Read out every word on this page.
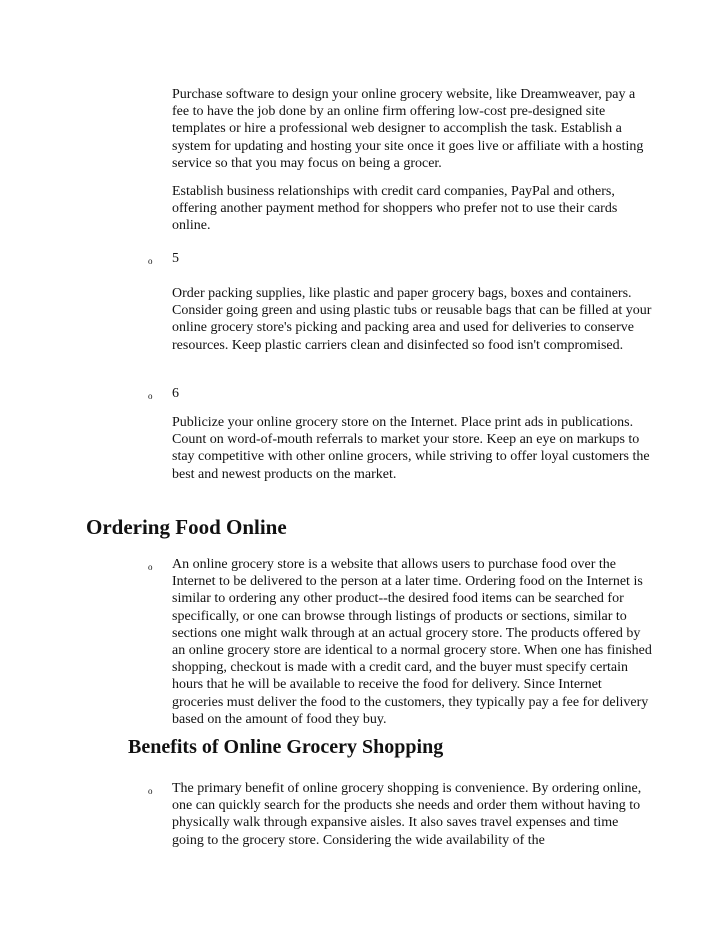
Purchase software to design your online grocery website, like Dreamweaver, pay a fee to have the job done by an online firm offering low-cost pre-designed site templates or hire a professional web designer to accomplish the task. Establish a system for updating and hosting your site once it goes live or affiliate with a hosting service so that you may focus on being a grocer.

Establish business relationships with credit card companies, PayPal and others, offering another payment method for shoppers who prefer not to use their cards online.

o 5

Order packing supplies, like plastic and paper grocery bags, boxes and containers. Consider going green and using plastic tubs or reusable bags that can be filled at your online grocery store's picking and packing area and used for deliveries to conserve resources. Keep plastic carriers clean and disinfected so food isn't compromised.

o 6

Publicize your online grocery store on the Internet. Place print ads in publications. Count on word-of-mouth referrals to market your store. Keep an eye on markups to stay competitive with other online grocers, while striving to offer loyal customers the best and newest products on the market.

Ordering Food Online
o An online grocery store is a website that allows users to purchase food over the Internet to be delivered to the person at a later time. Ordering food on the Internet is similar to ordering any other product--the desired food items can be searched for specifically, or one can browse through listings of products or sections, similar to sections one might walk through at an actual grocery store. The products offered by an online grocery store are identical to a normal grocery store. When one has finished shopping, checkout is made with a credit card, and the buyer must specify certain hours that he will be available to receive the food for delivery. Since Internet groceries must deliver the food to the customers, they typically pay a fee for delivery based on the amount of food they buy.

Benefits of Online Grocery Shopping
o The primary benefit of online grocery shopping is convenience. By ordering online, one can quickly search for the products she needs and order them without having to physically walk through expansive aisles. It also saves travel expenses and time going to the grocery store. Considering the wide availability of the
